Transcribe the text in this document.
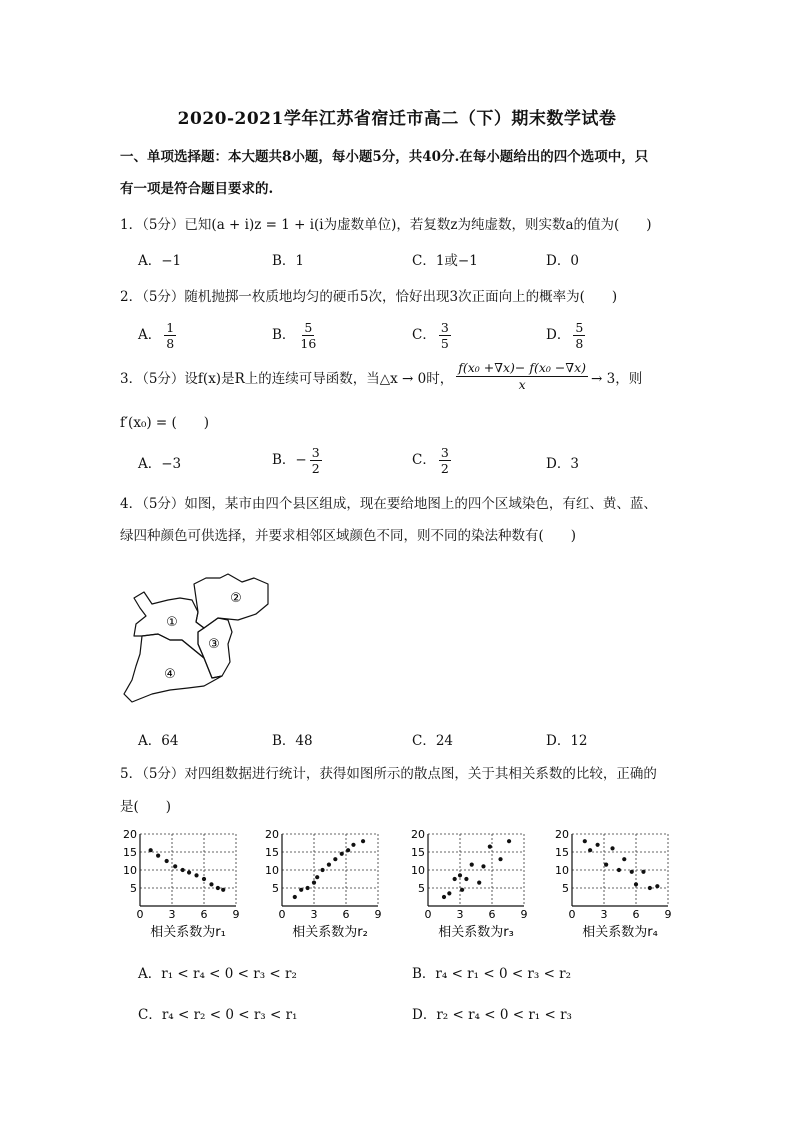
2020-2021学年江苏省宿迁市高二（下）期末数学试卷
一、单项选择题：本大题共8小题，每小题5分，共40分.在每小题给出的四个选项中，只
有一项是符合题目要求的.
1．（5分）已知(a + i)z = 1 + i(i为虚数单位)，若复数z为纯虚数，则实数a的值为(　　)
A．−1	B．1	C．1或−1	D．0
2．（5分）随机抛掷一枚质地均匀的硬币5次，恰好出现3次正面向上的概率为(　　)
A． $\frac{1}{8}$	B． $\frac{5}{16}$	C． $\frac{3}{5}$	D． $\frac{5}{8}$
3．（5分）设f(x)是R上的连续可导函数，当△x → 0时， $\frac{\text{f(x₀ +∇x)− f(x₀ −∇x)}}{x} \to 3$，则
f′(x₀) = (　　)
A．−3	B．− $\frac{3}{2}$	C． $\frac{3}{2}$	D．3
4．（5分）如图，某市由四个县区组成，现在要给地图上的四个区域染色，有红、黄、蓝、
绿四种颜色可供选择，并要求相邻区域颜色不同，则不同的染法种数有(　　)
①
②
③
④
A．64	B．48	C．24	D．12
5．（5分）对四组数据进行统计，获得如图所示的散点图，关于其相关系数的比较，正确的
是(　　)
5
10
15
20
0 3 6 9
相关系数为r₁
5
10
15
20
0 3 6 9
相关系数为r₂
5
10
15
20
0 3 6 9
相关系数为r₃
5
10
15
20
0 3 6 9
相关系数为r₄
A．r₁ < r₄ < 0 < r₃ < r₂	B．r₄ < r₁ < 0 < r₃ < r₂
C．r₄ < r₂ < 0 < r₃ < r₁	D．r₂ < r₄ < 0 < r₁ < r₃
